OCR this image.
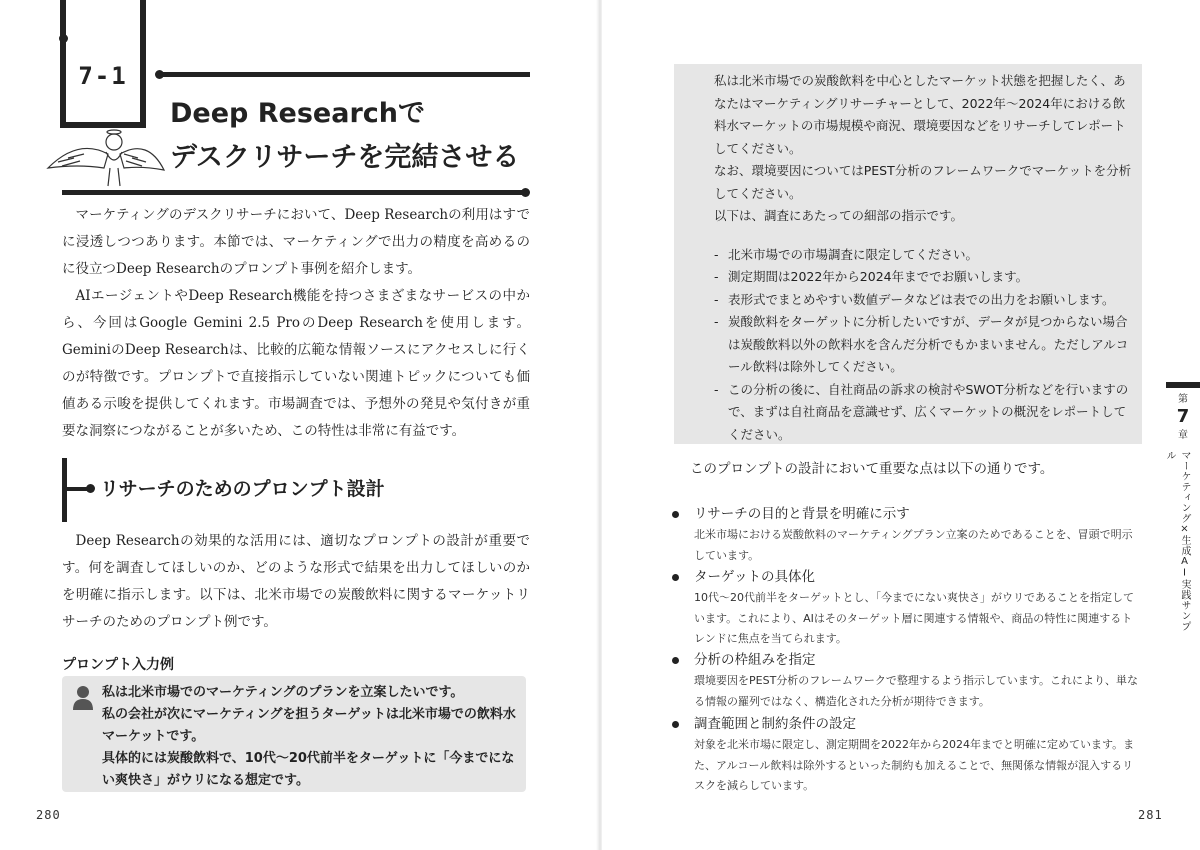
7-1
Deep Researchで
デスクリサーチを完結させる

マーケティングのデスクリサーチにおいて、Deep Researchの利用はすでに浸透しつつあります。本節では、マーケティングで出力の精度を高めるのに役立つDeep Researchのプロンプト事例を紹介します。

AIエージェントやDeep Research機能を持つさまざまなサービスの中から、今回はGoogle Gemini 2.5 ProのDeep Researchを使用します。GeminiのDeep Researchは、比較的広範な情報ソースにアクセスしに行くのが特徴です。プロンプトで直接指示していない関連トピックについても価値ある示唆を提供してくれます。市場調査では、予想外の発見や気付きが重要な洞察につながることが多いため、この特性は非常に有益です。

リサーチのためのプロンプト設計

Deep Researchの効果的な活用には、適切なプロンプトの設計が重要です。何を調査してほしいのか、どのような形式で結果を出力してほしいのかを明確に指示します。以下は、北米市場での炭酸飲料に関するマーケットリサーチのためのプロンプト例です。

プロンプト入力例
私は北米市場でのマーケティングのプランを立案したいです。
私の会社が次にマーケティングを担うターゲットは北米市場での飲料水マーケットです。
具体的には炭酸飲料で、10代〜20代前半をターゲットに「今までにない爽快さ」がウリになる想定です。
280

私は北米市場での炭酸飲料を中心としたマーケット状態を把握したく、あなたはマーケティングリサーチャーとして、2022年〜2024年における飲料水マーケットの市場規模や商況、環境要因などをリサーチしてレポートしてください。

なお、環境要因についてはPEST分析のフレームワークでマーケットを分析してください。

以下は、調査にあたっての細部の指示です。

- 北米市場での市場調査に限定してください。
- 測定期間は2022年から2024年まででお願いします。
- 表形式でまとめやすい数値データなどは表での出力をお願いします。
- 炭酸飲料をターゲットに分析したいですが、データが見つからない場合は炭酸飲料以外の飲料水を含んだ分析でもかまいません。ただしアルコール飲料は除外してください。
- この分析の後に、自社商品の訴求の検討やSWOT分析などを行いますので、まずは自社商品を意識せず、広くマーケットの概況をレポートしてください。
このプロンプトの設計において重要な点は以下の通りです。
リサーチの目的と背景を明確に示す
北米市場における炭酸飲料のマーケティングプラン立案のためであることを、冒頭で明示しています。
ターゲットの具体化
10代〜20代前半をターゲットとし、「今までにない爽快さ」がウリであることを指定しています。これにより、AIはそのターゲット層に関連する情報や、商品の特性に関連するトレンドに焦点を当てられます。
分析の枠組みを指定
環境要因をPEST分析のフレームワークで整理するよう指示しています。これにより、単なる情報の羅列ではなく、構造化された分析が期待できます。
調査範囲と制約条件の設定
対象を北米市場に限定し、測定期間を2022年から2024年までと明確に定めています。また、アルコール飲料は除外するといった制約も加えることで、無関係な情報が混入するリスクを減らしています。
第
7
章
マーケティング×生成AI実践サンプル
281
